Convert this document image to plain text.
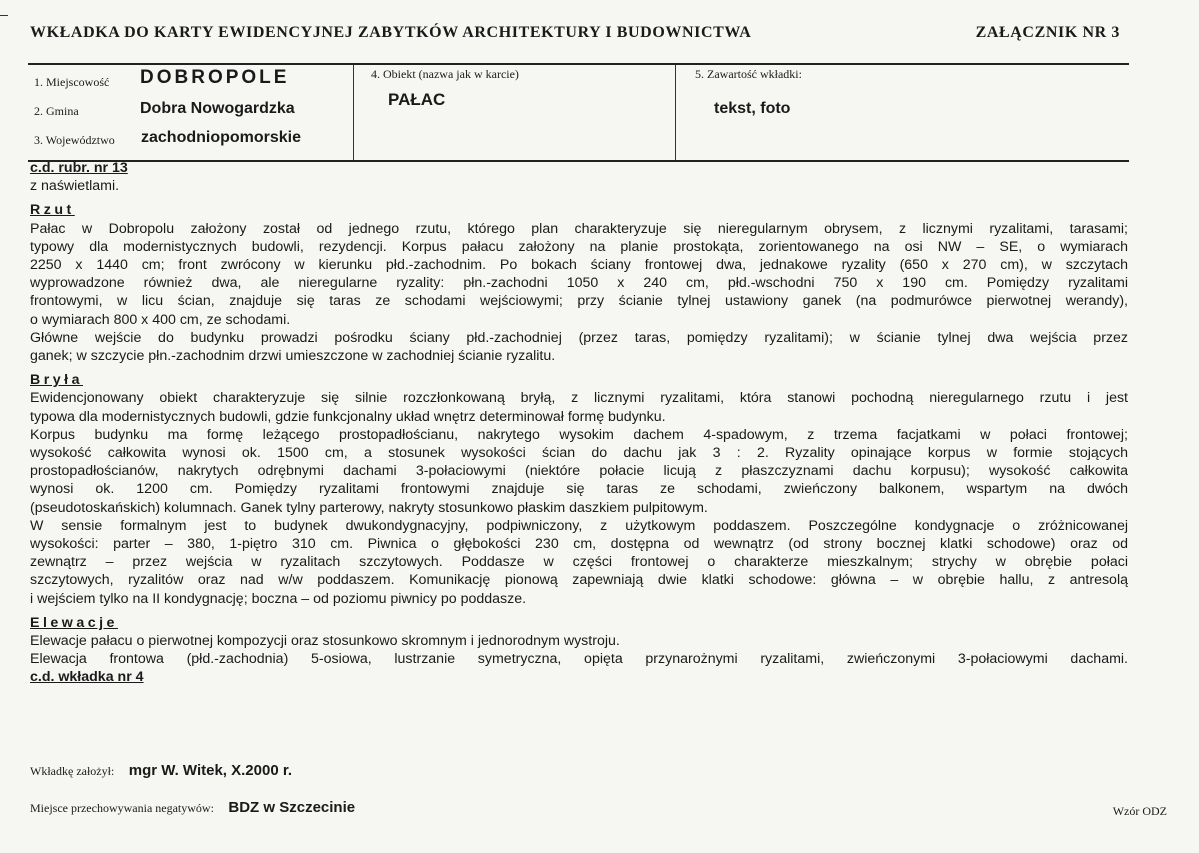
WKŁADKA DO KARTY EWIDENCYJNEJ ZABYTKÓW ARCHITEKTURY I BUDOWNICTWA	ZAŁĄCZNIK NR 3
1. Miejscowość DOBROPOLE
2. Gmina	Dobra Nowogardzka
3. Województwo zachodniopomorskie
4. Obiekt (nazwa jak w karcie)
PAŁAC
5. Zawartość wkładki:
tekst, foto

c.d. rubr. nr 13

z naświetlami.

Rzut

Pałac w Dobropolu założony został od jednego rzutu, którego plan charakteryzuje się nieregularnym obrysem, z licznymi ryzalitami, tarasami;

typowy dla modernistycznych budowli, rezydencji. Korpus pałacu założony na planie prostokąta, zorientowanego na osi NW – SE, o wymiarach

2250 x 1440 cm; front zwrócony w kierunku płd.-zachodnim. Po bokach ściany frontowej dwa, jednakowe ryzality (650 x 270 cm), w szczytach

wyprowadzone również dwa, ale nieregularne ryzality: płn.-zachodni 1050 x 240 cm, płd.-wschodni 750 x 190 cm. Pomiędzy ryzalitami

frontowymi, w licu ścian, znajduje się taras ze schodami wejściowymi; przy ścianie tylnej ustawiony ganek (na podmurówce pierwotnej werandy),

o wymiarach 800 x 400 cm, ze schodami.

Główne wejście do budynku prowadzi pośrodku ściany płd.-zachodniej (przez taras, pomiędzy ryzalitami); w ścianie tylnej dwa wejścia przez

ganek; w szczycie płn.-zachodnim drzwi umieszczone w zachodniej ścianie ryzalitu.

Bryła

Ewidencjonowany obiekt charakteryzuje się silnie rozczłonkowaną bryłą, z licznymi ryzalitami, która stanowi pochodną nieregularnego rzutu i jest

typowa dla modernistycznych budowli, gdzie funkcjonalny układ wnętrz determinował formę budynku.

Korpus budynku ma formę leżącego prostopadłościanu, nakrytego wysokim dachem 4-spadowym, z trzema facjatkami w połaci frontowej;

wysokość całkowita wynosi ok. 1500 cm, a stosunek wysokości ścian do dachu jak 3 : 2. Ryzality opinające korpus w formie stojących

prostopadłościanów, nakrytych odrębnymi dachami 3-połaciowymi (niektóre połacie licują z płaszczyznami dachu korpusu); wysokość całkowita

wynosi ok. 1200 cm. Pomiędzy ryzalitami frontowymi znajduje się taras ze schodami, zwieńczony balkonem, wspartym na dwóch

(pseudotoskańskich) kolumnach. Ganek tylny parterowy, nakryty stosunkowo płaskim daszkiem pulpitowym.

W sensie formalnym jest to budynek dwukondygnacyjny, podpiwniczony, z użytkowym poddaszem. Poszczególne kondygnacje o zróżnicowanej

wysokości: parter – 380, 1-piętro 310 cm. Piwnica o głębokości 230 cm, dostępna od wewnątrz (od strony bocznej klatki schodowe) oraz od

zewnątrz – przez wejścia w ryzalitach szczytowych. Poddasze w części frontowej o charakterze mieszkalnym; strychy w obrębie połaci

szczytowych, ryzalitów oraz nad w/w poddaszem. Komunikację pionową zapewniają dwie klatki schodowe: główna – w obrębie hallu, z antresolą

i wejściem tylko na II kondygnację; boczna – od poziomu piwnicy po poddasze.

Elewacje

Elewacje pałacu o pierwotnej kompozycji oraz stosunkowo skromnym i jednorodnym wystroju.

Elewacja frontowa (płd.-zachodnia) 5-osiowa, lustrzanie symetryczna, opięta przynarożnymi ryzalitami, zwieńczonymi 3-połaciowymi dachami.

c.d. wkładka nr 4

Wkładkę założył: mgr W. Witek, X.2000 r.
Miejsce przechowywania negatywów: BDZ w Szczecinie	Wzór ODZ
